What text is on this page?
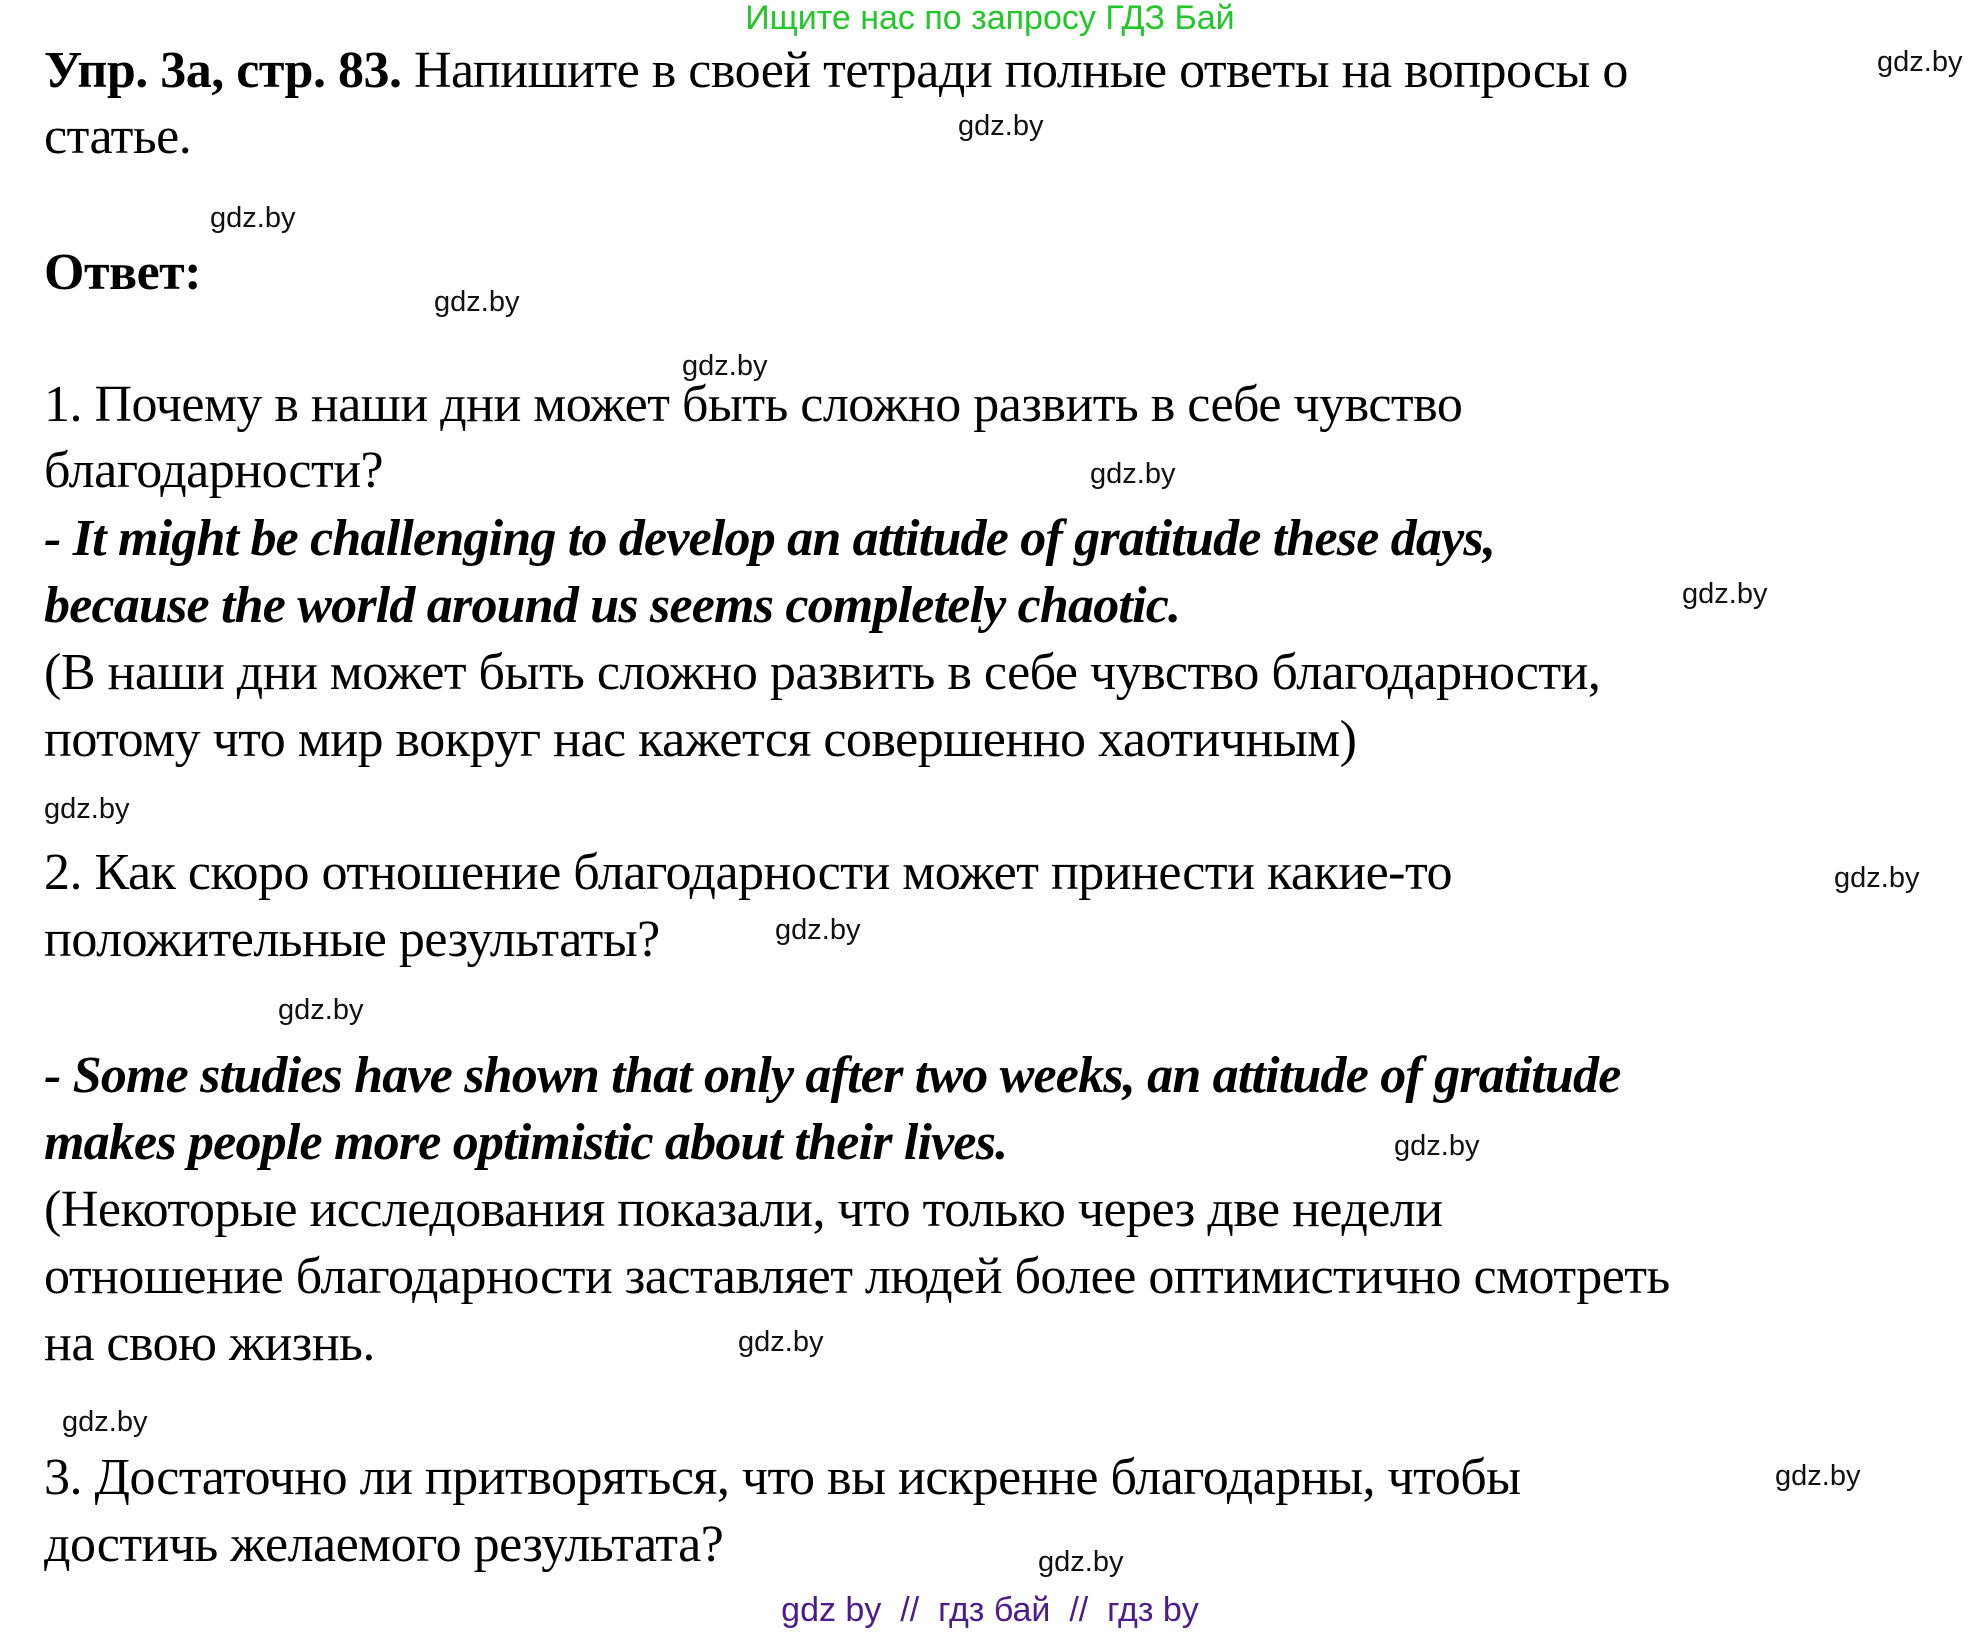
Ищите нас по запросу ГДЗ Бай
Упр. 3а, стр. 83. Напишите в своей тетради полные ответы на вопросы о
статье.
Ответ:
1. Почему в наши дни может быть сложно развить в себе чувство
благодарности?
- It might be challenging to develop an attitude of gratitude these days,
because the world around us seems completely chaotic.
(В наши дни может быть сложно развить в себе чувство благодарности,
потому что мир вокруг нас кажется совершенно хаотичным)
2. Как скоро отношение благодарности может принести какие-то
положительные результаты?
- Some studies have shown that only after two weeks, an attitude of gratitude
makes people more optimistic about their lives.
(Некоторые исследования показали, что только через две недели
отношение благодарности заставляет людей более оптимистично смотреть
на свою жизнь.
3. Достаточно ли притворяться, что вы искренне благодарны, чтобы
достичь желаемого результата?
gdz.by
gdz.by
gdz.by
gdz.by
gdz.by
gdz.by
gdz.by
gdz.by
gdz.by
gdz.by
gdz.by
gdz.by
gdz.by
gdz.by
gdz.by
gdz.by
gdz by // гдз бай // гдз by
